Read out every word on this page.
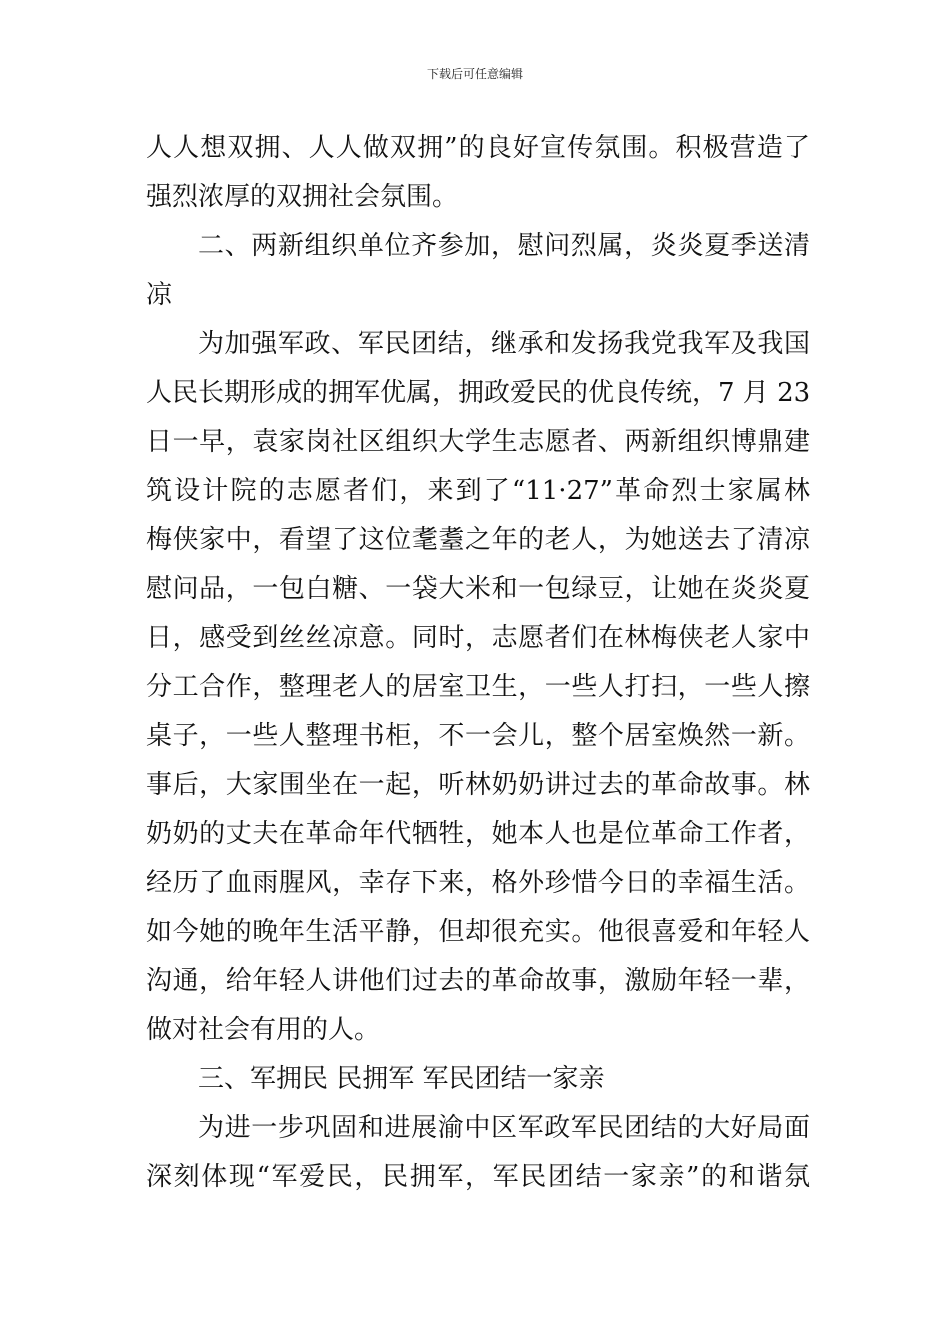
下载后可任意编辑
人人想双拥、人人做双拥”的良好宣传氛围。积极营造了
强烈浓厚的双拥社会氛围。
二、两新组织单位齐参加，慰问烈属，炎炎夏季送清
凉
为加强军政、军民团结，继承和发扬我党我军及我国
人民长期形成的拥军优属，拥政爱民的优良传统，7 月 23
日一早，袁家岗社区组织大学生志愿者、两新组织博鼎建
筑设计院的志愿者们，来到了“11·27”革命烈士家属林
梅侠家中，看望了这位耄耋之年的老人，为她送去了清凉
慰问品，一包白糖、一袋大米和一包绿豆，让她在炎炎夏
日，感受到丝丝凉意。同时，志愿者们在林梅侠老人家中
分工合作，整理老人的居室卫生，一些人打扫，一些人擦
桌子，一些人整理书柜，不一会儿，整个居室焕然一新。
事后，大家围坐在一起，听林奶奶讲过去的革命故事。林
奶奶的丈夫在革命年代牺牲，她本人也是位革命工作者，
经历了血雨腥风，幸存下来，格外珍惜今日的幸福生活。
如今她的晚年生活平静，但却很充实。他很喜爱和年轻人
沟通，给年轻人讲他们过去的革命故事，激励年轻一辈，
做对社会有用的人。
三、军拥民 民拥军 军民团结一家亲
为进一步巩固和进展渝中区军政军民团结的大好局面
深刻体现“军爱民，民拥军，军民团结一家亲”的和谐氛
